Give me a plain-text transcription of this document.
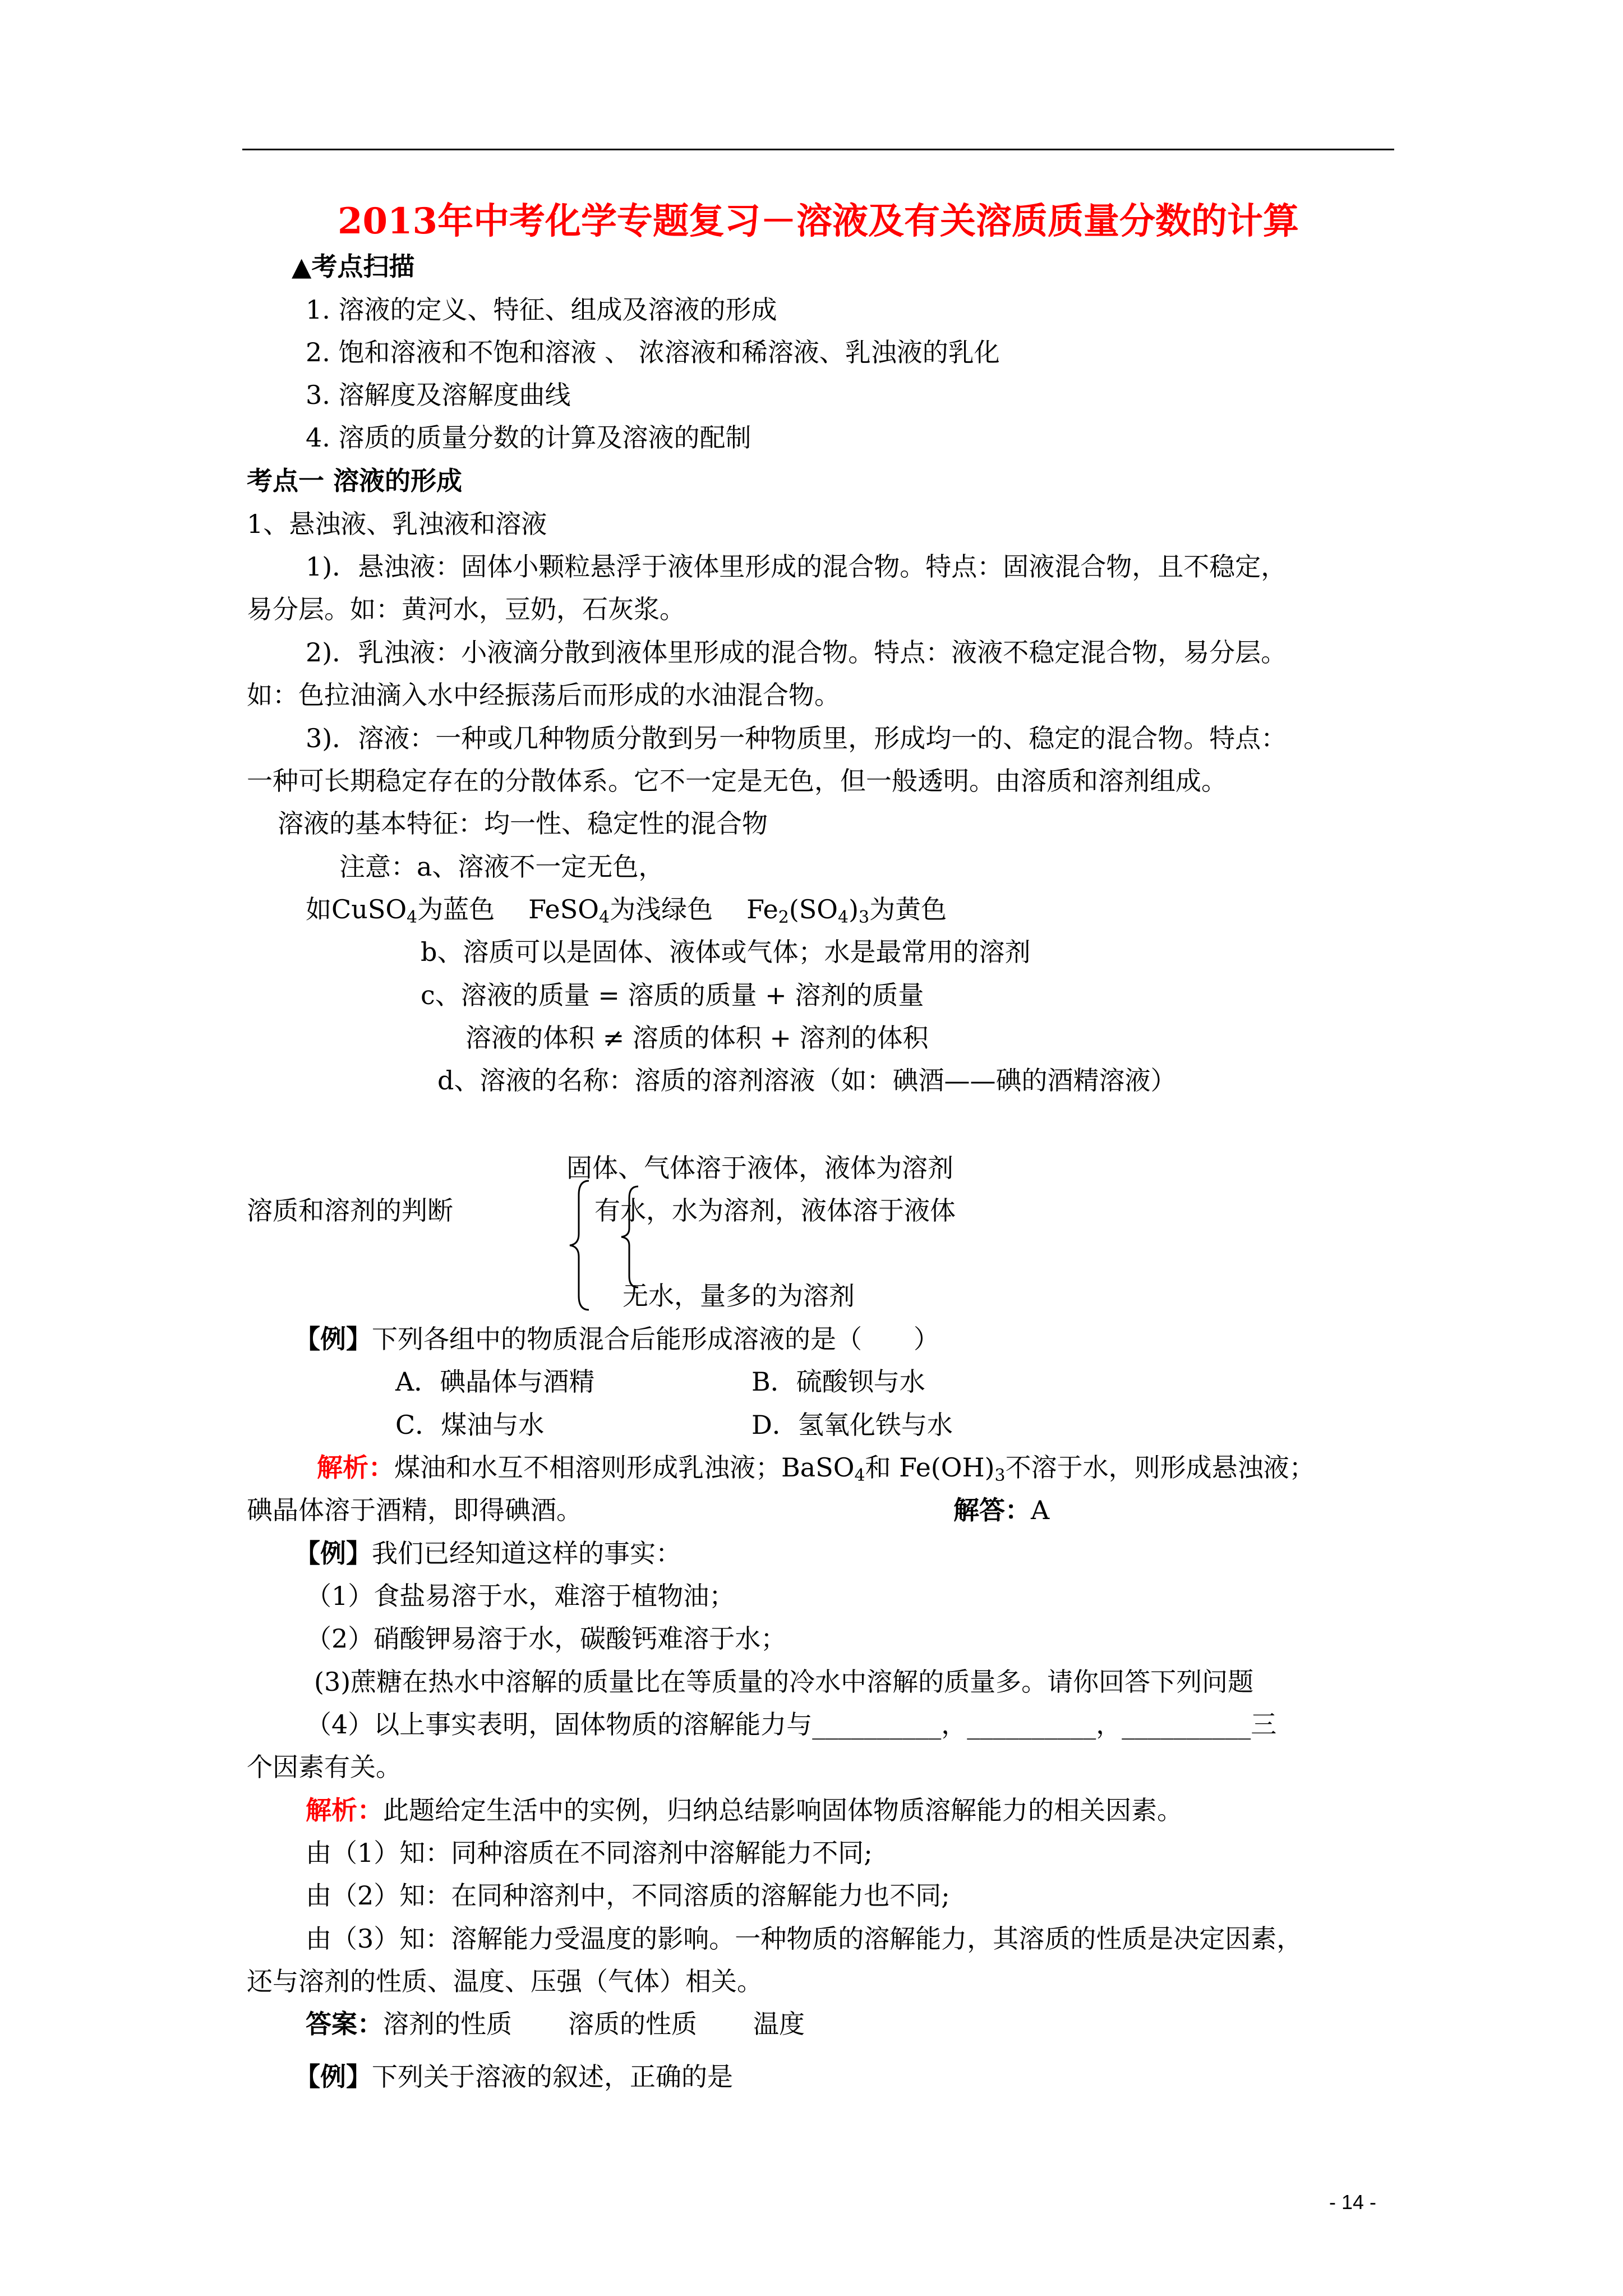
2013年中考化学专题复习－溶液及有关溶质质量分数的计算
▲考点扫描
1. 溶液的定义、特征、组成及溶液的形成
2. 饱和溶液和不饱和溶液 、 浓溶液和稀溶液、乳浊液的乳化
3. 溶解度及溶解度曲线
4. 溶质的质量分数的计算及溶液的配制
考点一 溶液的形成
1、悬浊液、乳浊液和溶液
1)．悬浊液：固体小颗粒悬浮于液体里形成的混合物。特点：固液混合物，且不稳定，
易分层。如：黄河水，豆奶，石灰浆。
2)．乳浊液：小液滴分散到液体里形成的混合物。特点：液液不稳定混合物，易分层。
如：色拉油滴入水中经振荡后而形成的水油混合物。
3)．溶液：一种或几种物质分散到另一种物质里，形成均一的、稳定的混合物。特点：
一种可长期稳定存在的分散体系。它不一定是无色，但一般透明。由溶质和溶剂组成。
溶液的基本特征：均一性、稳定性的混合物
注意：a、溶液不一定无色，
如CuSO$_4$为蓝色 FeSO$_4$为浅绿色 $Fe_2(SO_4)_3$为黄色
b、溶质可以是固体、液体或气体；水是最常用的溶剂
c、溶液的质量 = 溶质的质量 + 溶剂的质量
溶液的体积 ≠ 溶质的体积 + 溶剂的体积
d、溶液的名称：溶质的溶剂溶液（如：碘酒——碘的酒精溶液）
固体、气体溶于液体，液体为溶剂
溶质和溶剂的判断	有水，水为溶剂，液体溶于液体
无水，量多的为溶剂
【例】下列各组中的物质混合后能形成溶液的是（　　）
A．碘晶体与酒精	B．硫酸钡与水
C．煤油与水	D．氢氧化铁与水
解析：煤油和水互不相溶则形成乳浊液；BaSO$_4$和 $Fe(OH)_3$不溶于水，则形成悬浊液；
碘晶体溶于酒精，即得碘酒。	解答：A
【例】我们已经知道这样的事实：
（1）食盐易溶于水，难溶于植物油；
（2）硝酸钾易溶于水，碳酸钙难溶于水；
(3)蔗糖在热水中溶解的质量比在等质量的冷水中溶解的质量多。请你回答下列问题
（4）以上事实表明，固体物质的溶解能力与__________，__________，__________三
个因素有关。
解析：此题给定生活中的实例，归纳总结影响固体物质溶解能力的相关因素。
由（1）知：同种溶质在不同溶剂中溶解能力不同;
由（2）知：在同种溶剂中，不同溶质的溶解能力也不同;
由（3）知：溶解能力受温度的影响。一种物质的溶解能力，其溶质的性质是决定因素，
还与溶剂的性质、温度、压强（气体）相关。
答案：溶剂的性质 溶质的性质 温度
【例】下列关于溶液的叙述，正确的是
- 14 -
